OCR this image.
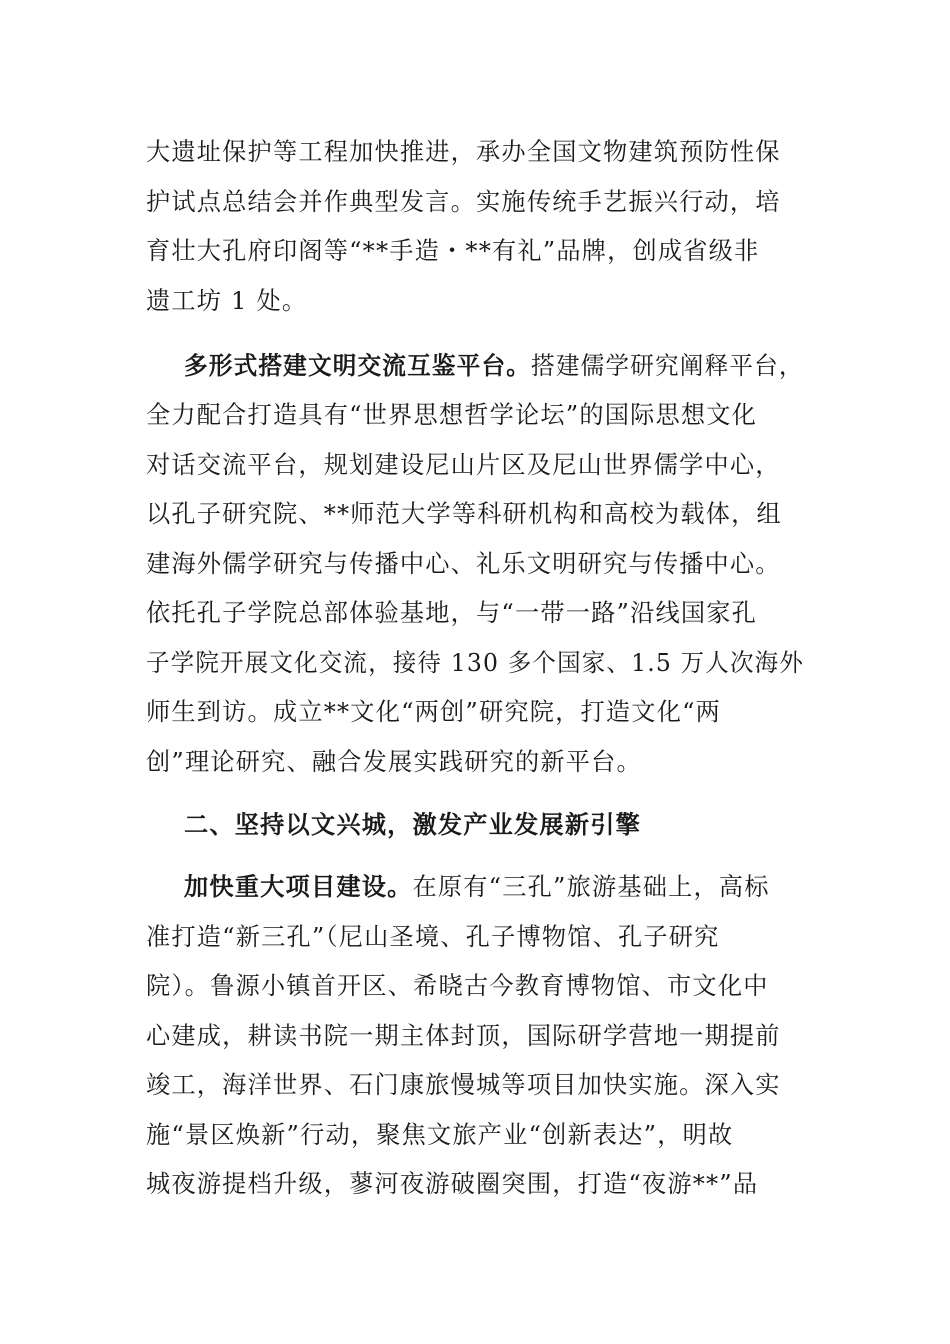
大遗址保护等工程加快推进，承办全国文物建筑预防性保
护试点总结会并作典型发言。实施传统手艺振兴行动，培
育壮大孔府印阁等“**手造・**有礼”品牌，创成省级非
遗工坊 1 处。
多形式搭建文明交流互鉴平台。搭建儒学研究阐释平台，
全力配合打造具有“世界思想哲学论坛”的国际思想文化
对话交流平台，规划建设尼山片区及尼山世界儒学中心，
以孔子研究院、**师范大学等科研机构和高校为载体，组
建海外儒学研究与传播中心、礼乐文明研究与传播中心。
依托孔子学院总部体验基地，与“一带一路”沿线国家孔
子学院开展文化交流，接待 130 多个国家、1.5 万人次海外
师生到访。成立**文化“两创”研究院，打造文化“两
创”理论研究、融合发展实践研究的新平台。
二、坚持以文兴城，激发产业发展新引擎
加快重大项目建设。在原有“三孔”旅游基础上，高标
准打造“新三孔”（尼山圣境、孔子博物馆、孔子研究
院）。鲁源小镇首开区、希晓古今教育博物馆、市文化中
心建成，耕读书院一期主体封顶，国际研学营地一期提前
竣工，海洋世界、石门康旅慢城等项目加快实施。深入实
施“景区焕新”行动，聚焦文旅产业“创新表达”，明故
城夜游提档升级，蓼河夜游破圈突围，打造“夜游**”品
